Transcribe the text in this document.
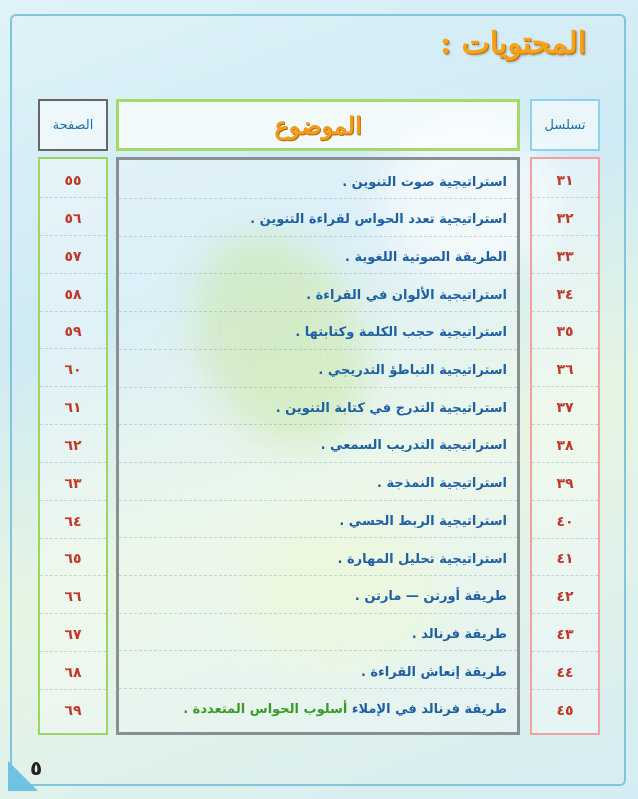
المحتويات :
تسلسل
الموضوع
الصفحة
٣١
٣٢
٣٣
٣٤
٣٥
٣٦
٣٧
٣٨
٣٩
٤٠
٤١
٤٢
٤٣
٤٤
٤٥
استراتيجية صوت التنوين .
استراتيجية تعدد الحواس لقراءة التنوين .
الطريقة الصوتية اللغوية .
استراتيجية الألوان في القراءة .
استراتيجية حجب الكلمة وكتابتها .
استراتيجية التباطؤ التدريجي .
استراتيجية التدرج في كتابة التنوين .
استراتيجية التدريب السمعي .
استراتيجية النمذجة .
استراتيجية الربط الحسي .
استراتيجية تحليل المهارة .
طريقة أورتن — مارتن .
طريقة فرنالد .
طريقة إنعاش القراءة .
طريقة فرنالد في الإملاء

أسلوب الحواس المتعددة .
٥٥
٥٦
٥٧
٥٨
٥٩
٦٠
٦١
٦٢
٦٣
٦٤
٦٥
٦٦
٦٧
٦٨
٦٩
٥
